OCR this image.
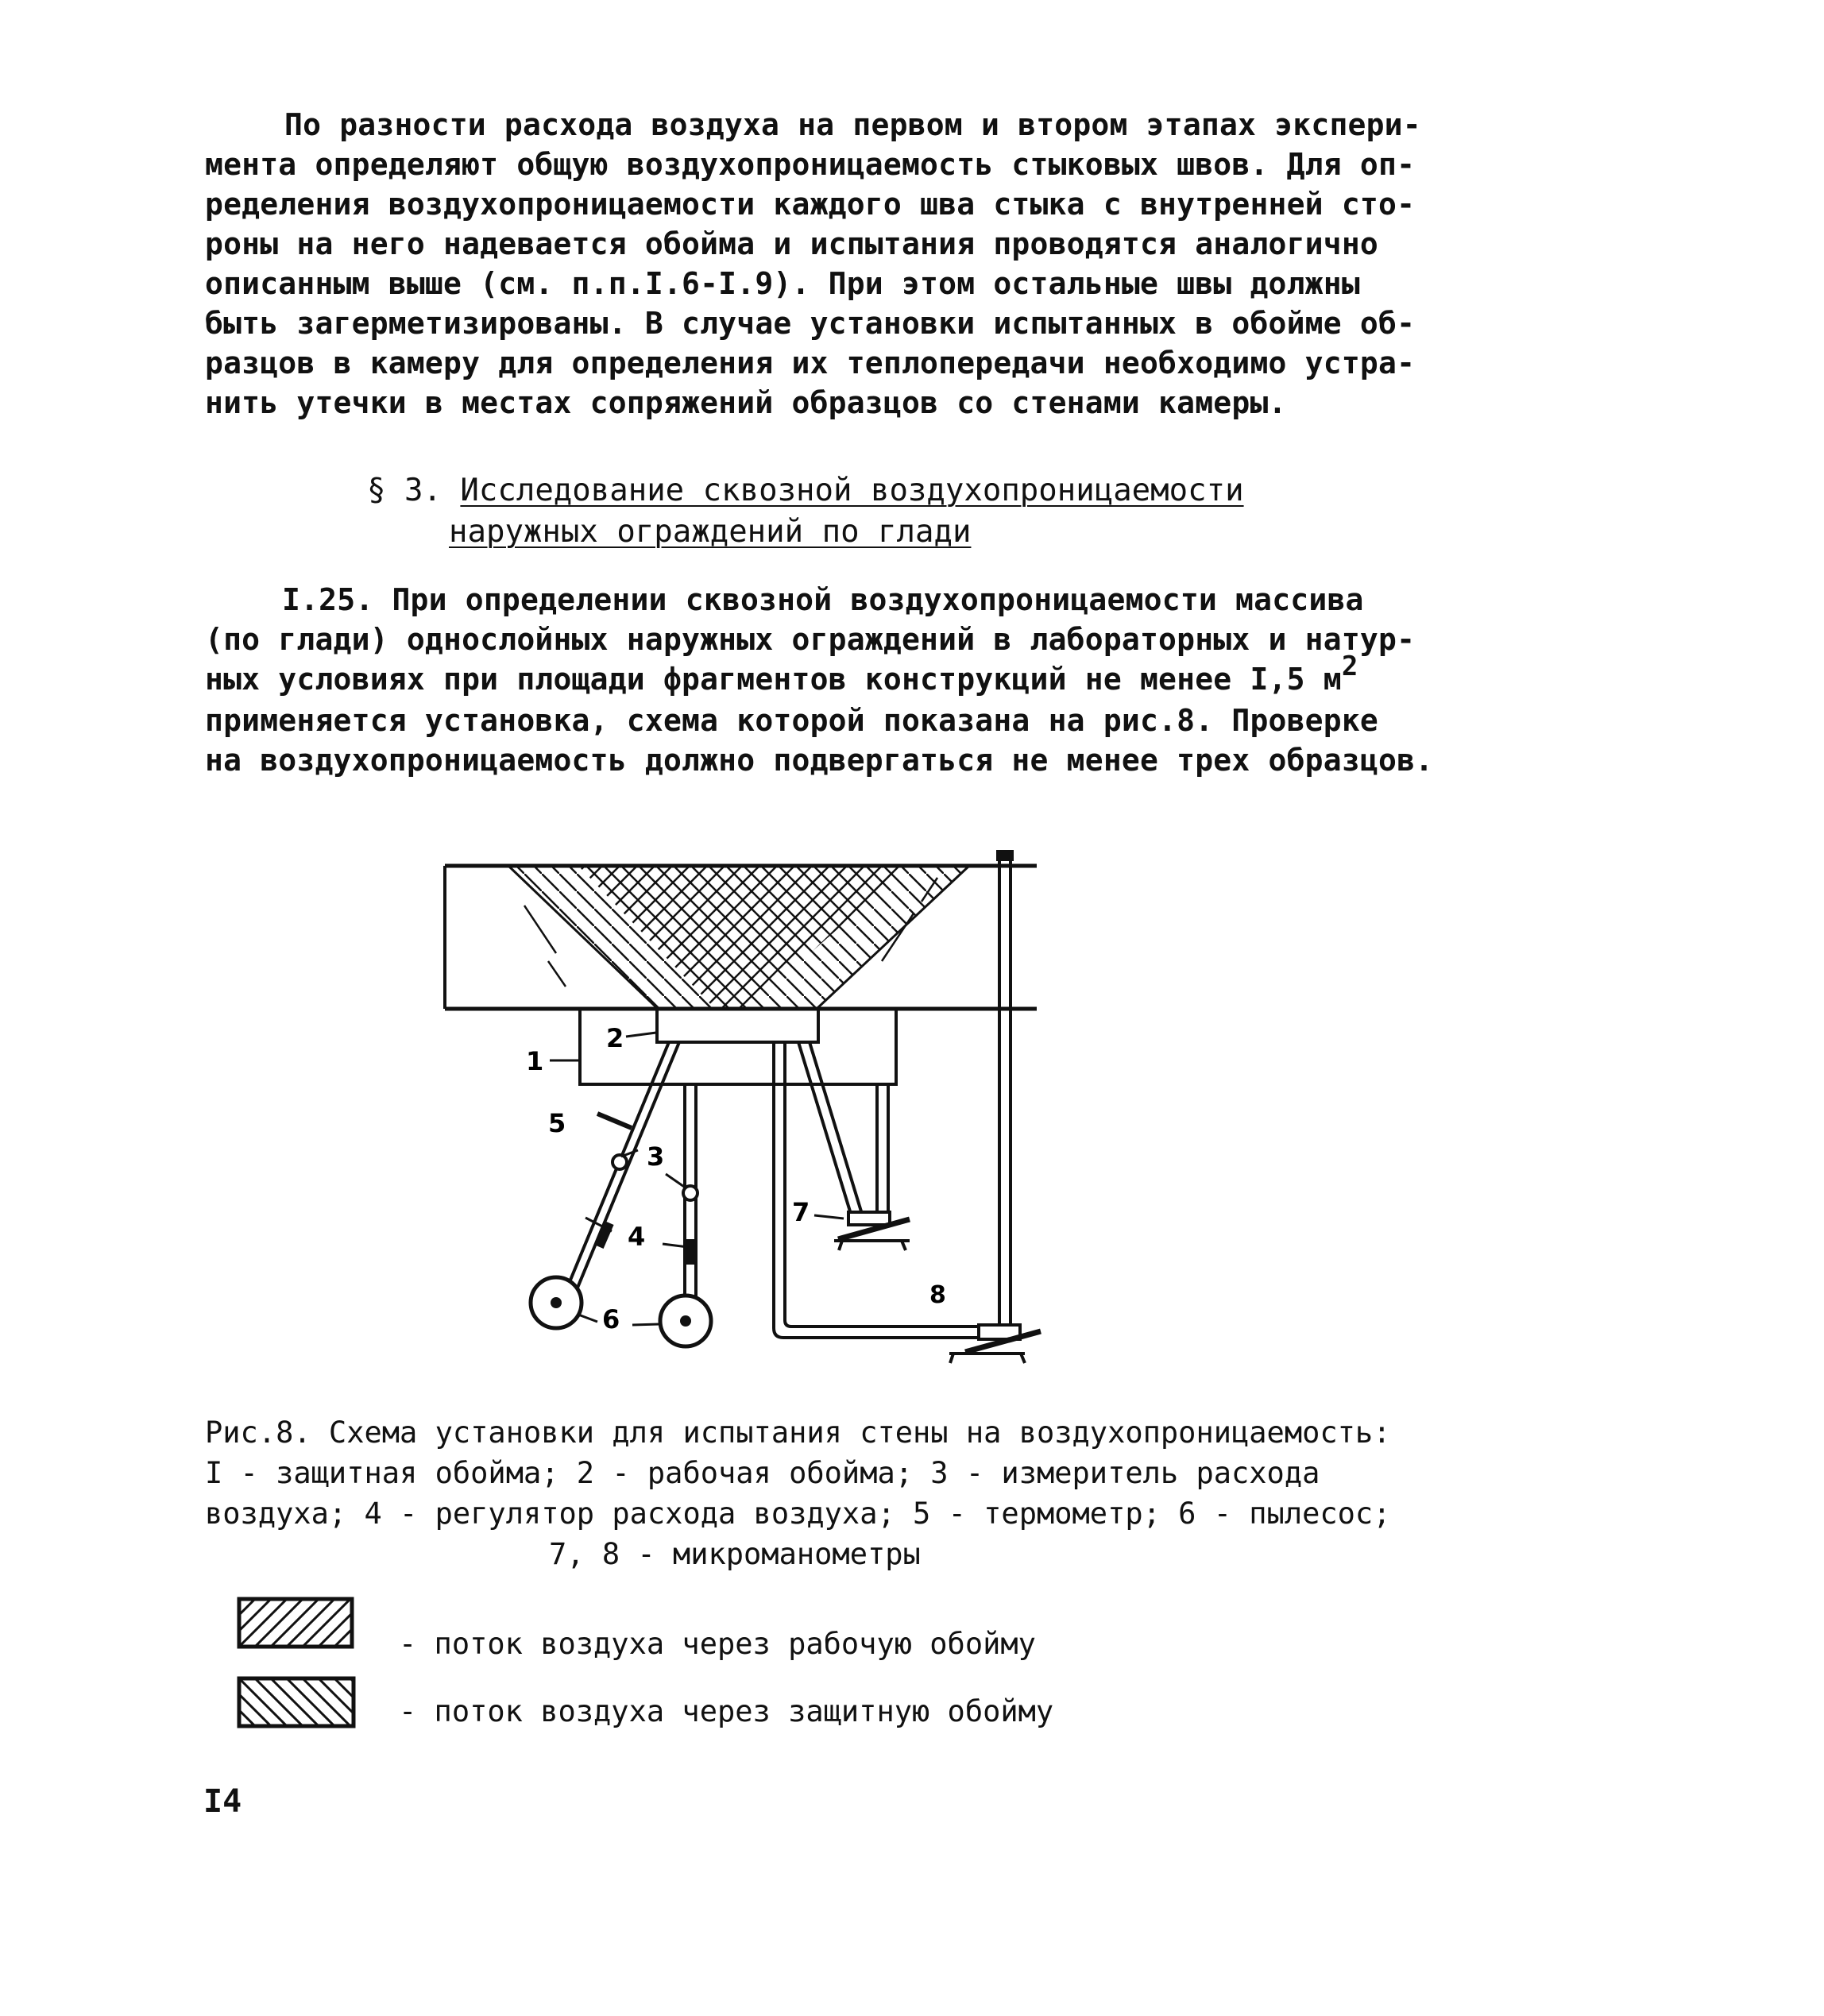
По разности расхода воздуха на первом и втором этапах экспери-
мента определяют общую воздухопроницаемость стыковых швов. Для оп-
ределения воздухопроницаемости каждого шва стыка с внутренней сто-
роны на него надевается обойма и испытания проводятся аналогично
описанным выше (см. п.п.I.6-I.9). При этом остальные швы должны
быть загерметизированы. В случае установки испытанных в обойме об-
разцов в камеру для определения их теплопередачи необходимо устра-
нить утечки в местах сопряжений образцов со стенами камеры.
§ 3. Исследование сквозной воздухопроницаемости
наружных ограждений по глади
I.25. При определении сквозной воздухопроницаемости массива
(по глади) однослойных наружных ограждений в лабораторных и натур-
ных условиях при площади фрагментов конструкций не менее I,5 м2
применяется установка, схема которой показана на рис.8. Проверке
на воздухопроницаемость должно подвергаться не менее трех образцов.
1
2
3
4
5
6
7
8
Рис.8. Схема установки для испытания стены на воздухопроницаемость:
I - защитная обойма; 2 - рабочая обойма; 3 - измеритель расхода
воздуха; 4 - регулятор расхода воздуха; 5 - термометр; 6 - пылесос;
7, 8 - микроманометры
- поток воздуха через рабочую обойму
- поток воздуха через защитную обойму
I4
